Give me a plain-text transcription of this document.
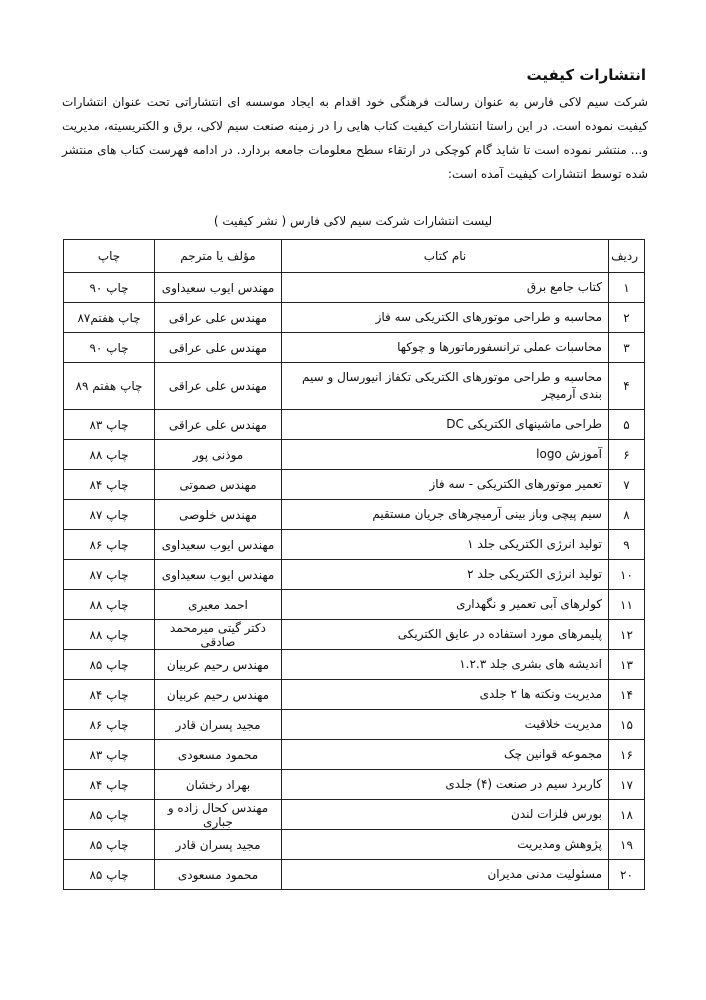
انتشارات کیفیت
شرکت سیم لاکی فارس به عنوان رسالت فرهنگی خود اقدام به ایجاد موسسه ای انتشاراتی تحت عنوان انتشارات کیفیت نموده است. در این راستا انتشارات کیفیت کتاب هایی را در زمینه صنعت سیم لاکی، برق و الکتریسیته، مدیریت و... منتشر نموده است تا شاید گام کوچکی در ارتقاء سطح معلومات جامعه بردارد. در ادامه فهرست کتاب های منتشر شده توسط انتشارات کیفیت آمده است:
لیست انتشارات شرکت سیم لاکی فارس ( نشر کیفیت )
ردیف	نام کتاب	مؤلف یا مترجم	چاپ
۱	کتاب جامع برق	مهندس ایوب سعیداوی	چاپ ۹۰
۲	محاسبه و طراحی موتورهای الکتریکی سه فاز	مهندس علی عراقی	چاپ هفتم۸۷
۳	محاسبات عملی ترانسفورماتورها و چوکها	مهندس علی عراقی	چاپ ۹۰
۴	محاسبه و طراحی موتورهای الکتریکی تکفاز انیورسال و سیم بندی آرمیچر	مهندس علی عراقی	چاپ هفتم ۸۹
۵	طراحی ماشینهای الکتریکی DC	مهندس علی عراقی	چاپ ۸۳
۶	آموزش logo	موذنی پور	چاپ ۸۸
۷	تعمیر موتورهای الکتریکی - سه فاز	مهندس صموتی	چاپ ۸۴
۸	سیم پیچی وباز بینی آرمیچرهای جریان مستقیم	مهندس خلوصی	چاپ ۸۷
۹	تولید انرژی الکتریکی جلد ۱	مهندس ایوب سعیداوی	چاپ ۸۶
۱۰	تولید انرژی الکتریکی جلد ۲	مهندس ایوب سعیداوی	چاپ ۸۷
۱۱	کولرهای آبی تعمیر و نگهداری	احمد معیری	چاپ ۸۸
۱۲	پلیمرهای مورد استفاده در عایق الکتریکی	دکتر گیتی میرمحمد صادقی	چاپ ۸۸
۱۳	اندیشه های بشری جلد ۱.۲.۳	مهندس رحیم عربیان	چاپ ۸۵
۱۴	مدیریت ونکته ها ۲ جلدی	مهندس رحیم عربیان	چاپ ۸۴
۱۵	مدیریت خلاقیت	مجید پسران قادر	چاپ ۸۶
۱۶	مجموعه قوانین چک	محمود مسعودی	چاپ ۸۳
۱۷	کاربرد سیم در صنعت (۴) جلدی	بهراد رخشان	چاپ ۸۴
۱۸	بورس فلزات لندن	مهندس کحال زاده و جباری	چاپ ۸۵
۱۹	پژوهش ومدیریت	مجید پسران قادر	چاپ ۸۵
۲۰	مسئولیت مدنی مدیران	محمود مسعودی	چاپ ۸۵
